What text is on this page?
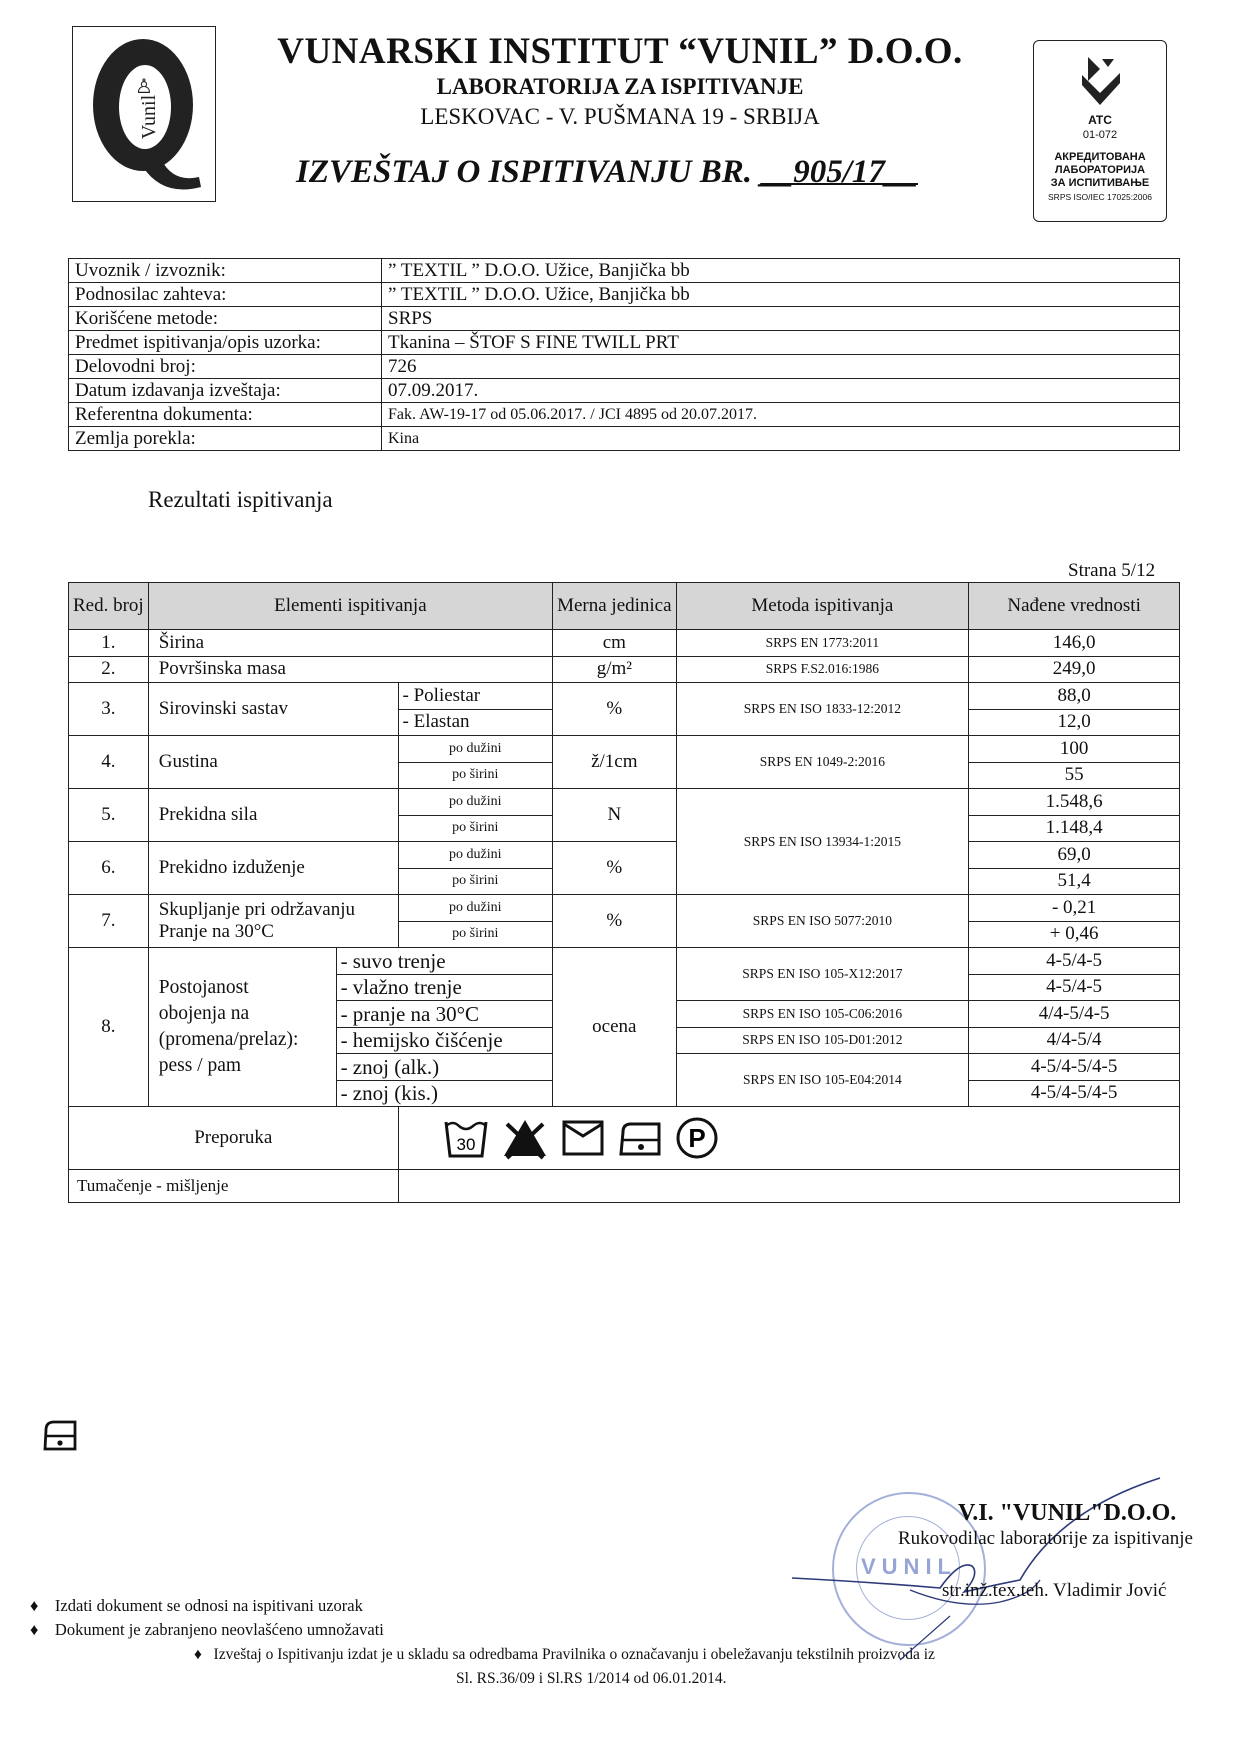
Vunil
♙
VUNARSKI INSTITUT “VUNIL” D.O.O.
LABORATORIJA ZA ISPITIVANJE
LESKOVAC - V. PUŠMANA 19 - SRBIJA
IZVEŠTAJ O ISPITIVANJU BR. __905/17__
ATC
01-072
АКРЕДИТОВАНА
ЛАБОРАТОРИЈА
ЗА ИСПИТИВАЊЕ
SRPS ISO/IEC 17025:2006
Uvoznik / izvoznik:	” TEXTIL ” D.O.O. Užice, Banjička bb
Podnosilac zahteva:	” TEXTIL ” D.O.O. Užice, Banjička bb
Korišćene metode:	SRPS
Predmet ispitivanja/opis uzorka:	Tkanina – ŠTOF S FINE TWILL PRT
Delovodni broj:	726
Datum izdavanja izveštaja:	07.09.2017.
Referentna dokumenta:	Fak. AW-19-17 od 05.06.2017. / JCI 4895 od 20.07.2017.
Zemlja porekla:	Kina
Rezultati ispitivanja
Strana 5/12
Red. broj	Elementi ispitivanja			Merna jedinica	Metoda ispitivanja	Nađene vrednosti
1.	Širina			cm	SRPS EN 1773:2011	146,0
2.	Površinska masa			g/m²	SRPS F.S2.016:1986	249,0
3.	Sirovinski sastav		- Poliestar	%	SRPS EN ISO 1833-12:2012	88,0
			- Elastan			12,0
4.	Gustina		po dužini	ž/1cm	SRPS EN 1049-2:2016	100
			po širini			55
5.	Prekidna sila		po dužini	N	SRPS EN ISO 13934-1:2015	1.548,6
			po širini			1.148,4
6.	Prekidno izduženje		po dužini	%		69,0
			po širini			51,4
7.	Skupljanje pri održavanju
Pranje na 30°C		po dužini	%	SRPS EN ISO 5077:2010	- 0,21
			po širini			+ 0,46
8.	Postojanost
obojenja na
(promena/prelaz):
pess / pam	- suvo trenje		ocena	SRPS EN ISO 105-X12:2017	4-5/4-5
		- vlažno trenje				4-5/4-5
		- pranje na 30°C			SRPS EN ISO 105-C06:2016	4/4-5/4-5
		- hemijsko čišćenje			SRPS EN ISO 105-D01:2012	4/4-5/4
		- znoj (alk.)			SRPS EN ISO 105-E04:2014	4-5/4-5/4-5
		- znoj (kis.)				4-5/4-5/4-5
Preporuka			30 P			

Tumačenje - mišljenje						
♦    Izdati dokument se odnosi na ispitivani uzorak
♦    Dokument je zabranjeno neovlašćeno umnožavati
♦   Izveštaj o Ispitivanju izdat je u skladu sa odredbama Pravilnika o označavanju i obeležavanju tekstilnih proizvoda iz
Sl. RS.36/09 i Sl.RS 1/2014 od 06.01.2014.
VUNIL
V.I. "VUNIL"D.O.O.
Rukovodilac laboratorije za ispitivanje
str.inž.tex.teh. Vladimir Jović
